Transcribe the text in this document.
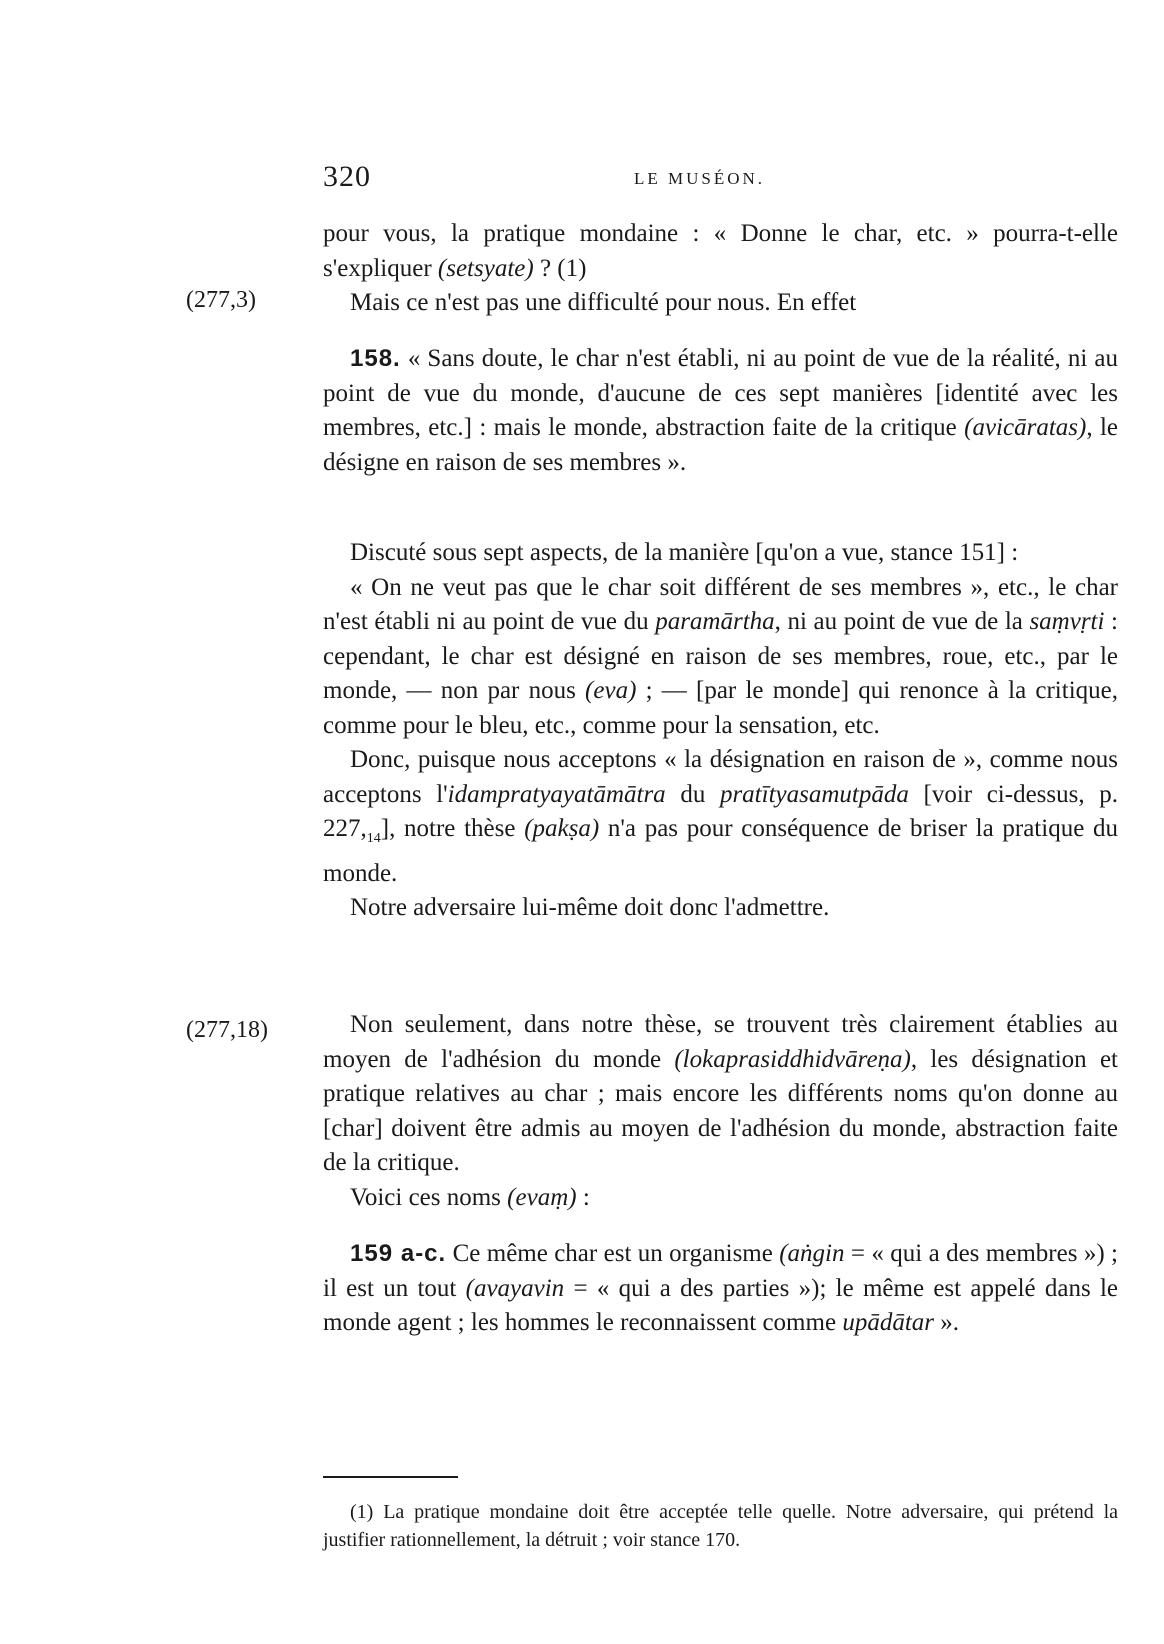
320	LE MUSÉON.
(277,3)
(277,18)

pour vous, la pratique mondaine : « Donne le char, etc. » pourra-t-elle s'expliquer (setsyate) ? (1)

Mais ce n'est pas une difficulté pour nous. En effet

158. « Sans doute, le char n'est établi, ni au point de vue de la réalité, ni au point de vue du monde, d'aucune de ces sept manières [identité avec les membres, etc.] : mais le monde, abstraction faite de la critique (avicāratas), le désigne en raison de ses membres ».

Discuté sous sept aspects, de la manière [qu'on a vue, stance 151] :

« On ne veut pas que le char soit différent de ses membres », etc., le char n'est établi ni au point de vue du paramārtha, ni au point de vue de la saṃvṛti : cependant, le char est désigné en raison de ses membres, roue, etc., par le monde, — non par nous (eva) ; — [par le monde] qui renonce à la critique, comme pour le bleu, etc., comme pour la sensation, etc.

Donc, puisque nous acceptons « la désignation en raison de », comme nous acceptons l'idampratyayatāmātra du pratītyasamutpāda [voir ci-dessus, p. $227,_{14}$], notre thèse (pakṣa) n'a pas pour conséquence de briser la pratique du monde.

Notre adversaire lui-même doit donc l'admettre.

Non seulement, dans notre thèse, se trouvent très clairement établies au moyen de l'adhésion du monde (lokaprasiddhidvāreṇa), les désignation et pratique relatives au char ; mais encore les différents noms qu'on donne au [char] doivent être admis au moyen de l'adhésion du monde, abstraction faite de la critique.

Voici ces noms (evaṃ) :

159 a-c. Ce même char est un organisme (aṅgin = « qui a des membres ») ; il est un tout (avayavin = « qui a des parties »); le même est appelé dans le monde agent ; les hommes le reconnaissent comme upādātar ».

(1) La pratique mondaine doit être acceptée telle quelle. Notre adversaire, qui prétend la justifier rationnellement, la détruit ; voir stance 170.
